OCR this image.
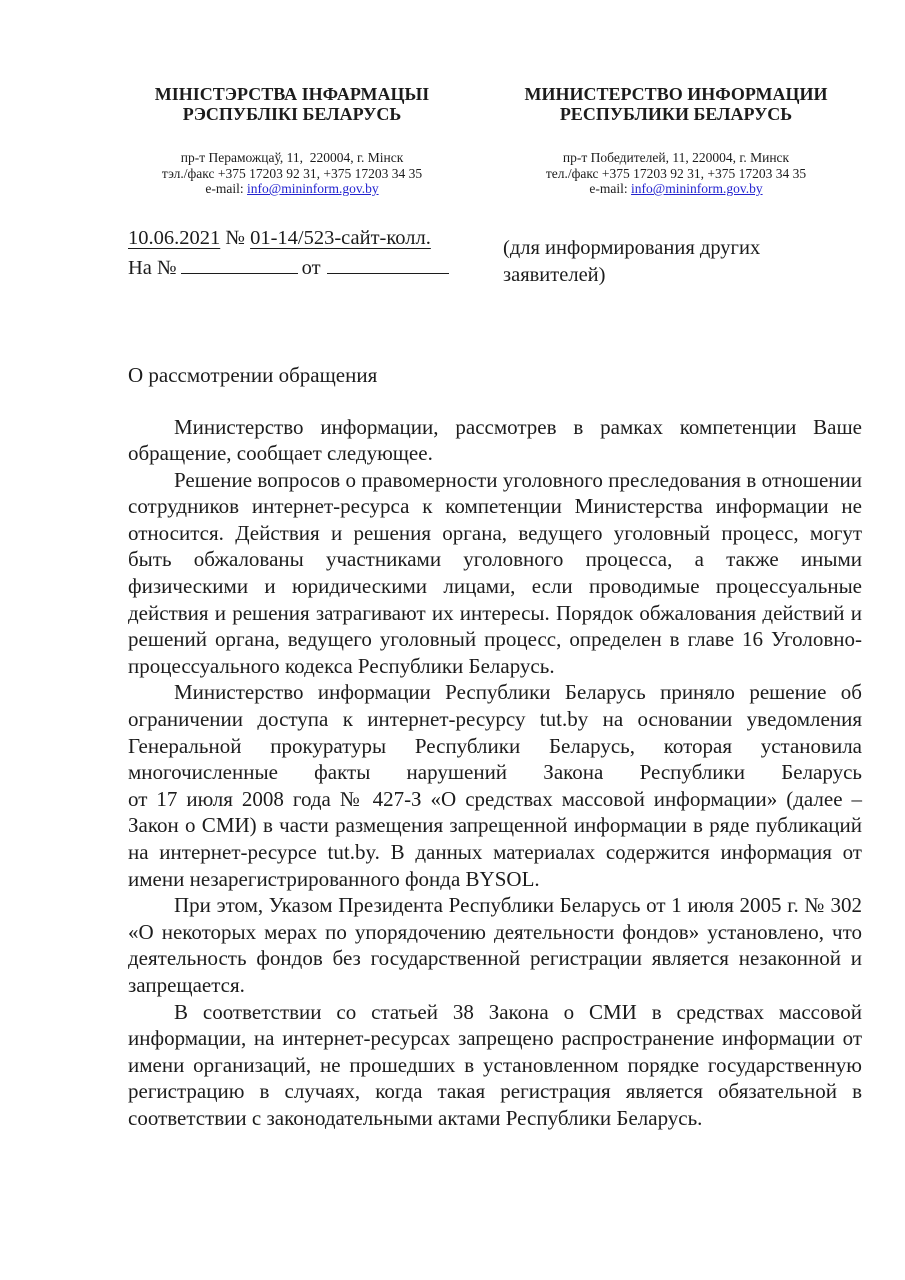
МІНІСТЭРСТВА ІНФАРМАЦЫІ
РЭСПУБЛІКІ БЕЛАРУСЬ
пр-т Пераможцаў, 11,  220004, г. Мінск
тэл./факс +375 17203 92 31, +375 17203 34 35
e-mail: info@mininform.gov.by
МИНИСТЕРСТВО ИНФОРМАЦИИ
РЕСПУБЛИКИ БЕЛАРУСЬ
пр-т Победителей, 11, 220004, г. Минск
тел./факс +375 17203 92 31, +375 17203 34 35
e-mail: info@mininform.gov.by
10.06.2021 № 01-14/523-сайт-колл.
На №	от
(для информирования других заявителей)
О рассмотрении обращения

Министерство информации, рассмотрев в рамках компетенции Ваше обращение, сообщает следующее.

Решение вопросов о правомерности уголовного преследования в отношении сотрудников интернет-ресурса к компетенции Министерства информации не относится. Действия и решения органа, ведущего уголовный процесс, могут быть обжалованы участниками уголовного процесса, а также иными физическими и юридическими лицами, если проводимые процессуальные действия и решения затрагивают их интересы. Порядок обжалования действий и решений органа, ведущего уголовный процесс, определен в главе 16 Уголовно-процессуального кодекса Республики Беларусь.

Министерство информации Республики Беларусь приняло решение об ограничении доступа к интернет-ресурсу tut.by на основании уведомления Генеральной прокуратуры Республики Беларусь, которая установила многочисленные факты нарушений Закона Республики Беларусь от 17 июля 2008 года № 427-З «О средствах массовой информации» (далее – Закон о СМИ) в части размещения запрещенной информации в ряде публикаций на интернет-ресурсе tut.by. В данных материалах содержится информация от имени незарегистрированного фонда BYSOL.

При этом, Указом Президента Республики Беларусь от 1 июля 2005 г. № 302 «О некоторых мерах по упорядочению деятельности фондов» установлено, что деятельность фондов без государственной регистрации является незаконной и запрещается.

В соответствии со статьей 38 Закона о СМИ в средствах массовой информации, на интернет-ресурсах запрещено распространение информации от имени организаций, не прошедших в установленном порядке государственную регистрацию в случаях, когда такая регистрация является обязательной в соответствии с законодательными актами Республики Беларусь.
